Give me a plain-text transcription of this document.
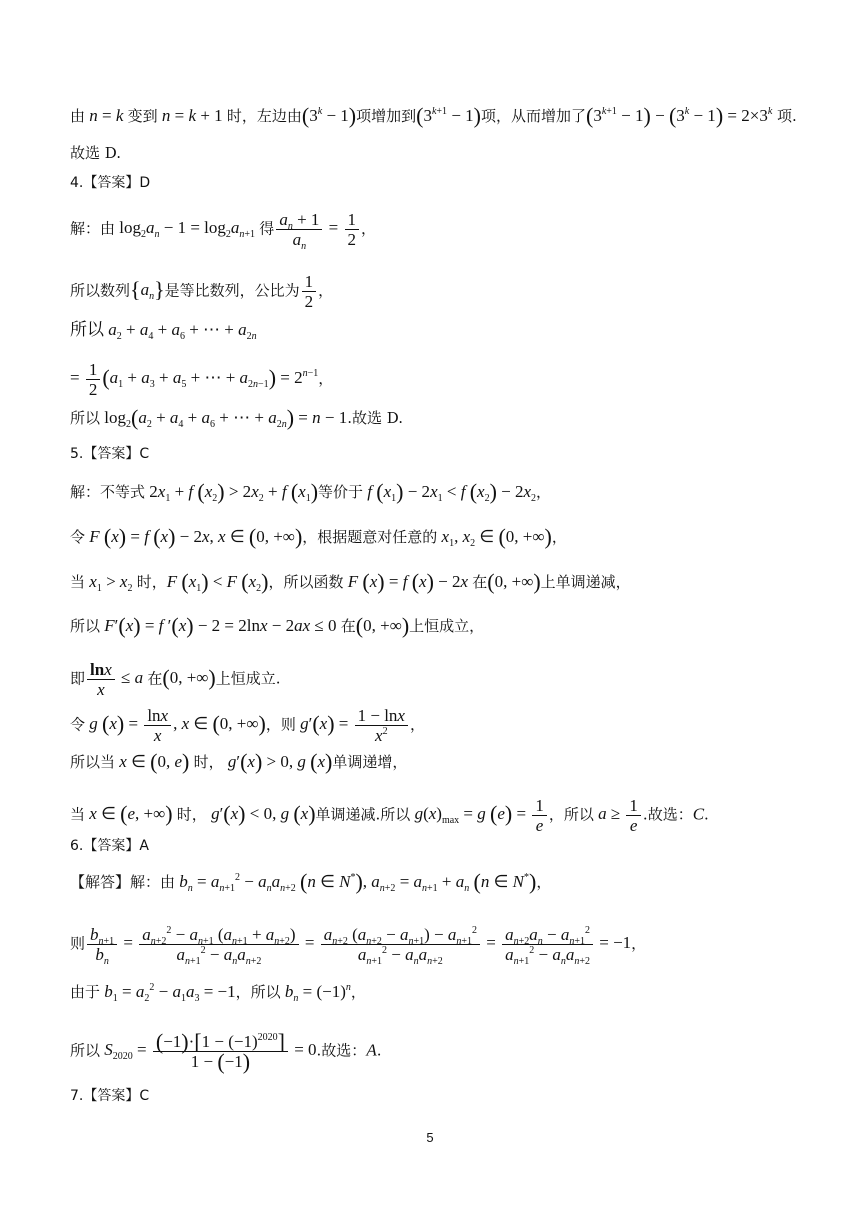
由 n = k 变到 n = k + 1 时，左边由$(3^k - 1)$项增加到$(3^{k+1} - 1)$项，从而增加了$(3^{k+1} - 1) - (3^k - 1) = 2\times 3^k$ 项.
故选 D.
4.【答案】D
解：由 $\log_2a_n - 1 = \log_2a_{n+1}$ 得 $\frac{a_n + 1}{a_n} = \frac{1}{2}$ ，
所以数列$\{a_n\}$是等比数列，公比为 $\frac{1}{2}$ ，
所以 $a_2 + a_4 + a_6$ + ⋯ + $a_{2n}$
= $\frac{1}{2} (a_1 + a_3 + a_5$ + ⋯ + $a_{2n-1}) = 2^{n-1}$，
所以 $\log_2(a_2 + a_4 + a_6$ + ⋯ + $a_{2n}) = n - 1$.故选 D.
5.【答案】C
解：不等式 $2x_1 + f$ $(x_2) > 2x_2 + f$ $(x_1)$等价于 f $(x_1) - 2x_1 < f$ $(x_2) - 2x_2$，
令 F (x) = f (x) − 2x, x ∈ (0, +∞)，根据题意对任意的 $x_1$, $x_2$ ∈ (0, +∞)，
当 $x_1 > x_2$ 时，F $(x_1) < F$ $(x_2)$，所以函数 F (x) = f (x) − 2x 在(0, +∞)上单调递减，
所以 F′(x) = f ′(x) − 2 = 2lnx − 2ax ≤ 0 在(0, +∞)上恒成立，
即 $\frac{\ln x}{x} \le a$ 在(0, +∞)上恒成立.
令 g $(x) = \frac{\ln x}{x}$ , x ∈ (0, +∞)，则 $g'(x) = \frac{1 - \ln x}{x^2}$ ，
所以当 x ∈ (0, e) 时， g′(x) > 0, g (x)单调递增，
当 x ∈ (e, +∞) 时， g′(x) < 0, g (x)单调递减.所以 $g(x)_{max} = g$ $(e) = \frac{1}{e}$ ，所以 $a \ge \frac{1}{e}$ .故选：C.
6.【答案】A
【解答】解：由 $b_n = a_{n+1}^2 - a_na_{n+2}$ (n ∈ N*), $a_{n+2} = a_{n+1} + a_n$ (n ∈ N*)，
则 $\frac{b_{n+1}}{b_n} = \frac{a_{n+2}^2 - a_{n+1} (a_{n+1} + a_{n+2})}{a_{n+1}^2 - a_na_{n+2}} = \frac{a_{n+2} (a_{n+2} - a_{n+1}) - a_{n+1}^2}{a_{n+1}^2 - a_na_{n+2}} = \frac{a_{n+2}a_n - a_{n+1}^2}{a_{n+1}^2 - a_na_{n+2}} = -1$，
由于 $b_1 = a_2^2 - a_1a_3 = -1$，所以 $b_n = (-1)^n$，
所以 $S_{2020} = \frac{(-1)\cdot[1 - (-1)^{2020}]}{1 - (-1)} = 0$.故选：A.
7.【答案】C
5
